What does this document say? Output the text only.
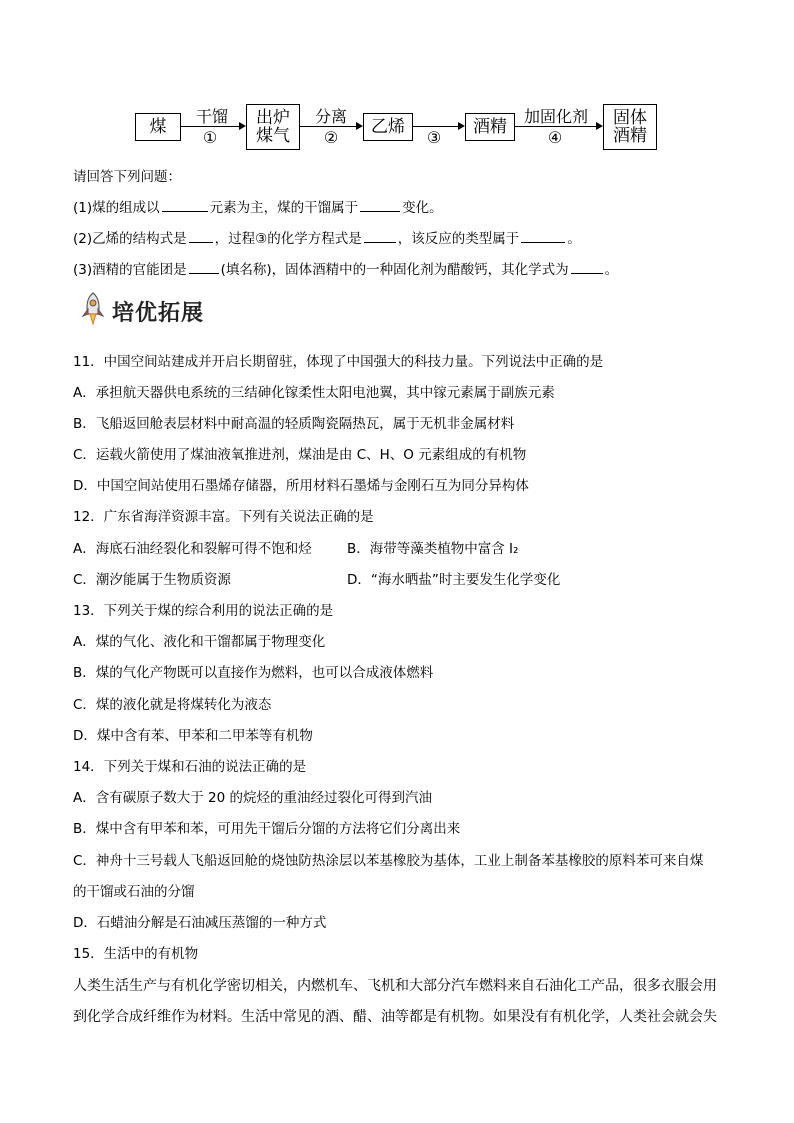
煤	出炉
煤气	乙烯	酒精	固体
酒精
干馏
①
分离
②	③
加固化剂
④
请回答下列问题：
(1)煤的组成以	元素为主，煤的干馏属于	变化。
(2)乙烯的结构式是 ，过程③的化学方程式是	，该反应的类型属于	。
(3)酒精的官能团是	(填名称)，固体酒精中的一种固化剂为醋酸钙，其化学式为	。
培优拓展
11．中国空间站建成并开启长期留驻，体现了中国强大的科技力量。下列说法中正确的是
A．承担航天器供电系统的三结砷化镓柔性太阳电池翼，其中镓元素属于副族元素
B．飞船返回舱表层材料中耐高温的轻质陶瓷隔热瓦，属于无机非金属材料
C．运载火箭使用了煤油液氧推进剂，煤油是由 C、H、O 元素组成的有机物
D．中国空间站使用石墨烯存储器，所用材料石墨烯与金刚石互为同分异构体
12．广东省海洋资源丰富。下列有关说法正确的是
A．海底石油经裂化和裂解可得不饱和烃	B．海带等藻类植物中富含 I₂
C．潮汐能属于生物质资源	D．“海水晒盐”时主要发生化学变化
13．下列关于煤的综合利用的说法正确的是
A．煤的气化、液化和干馏都属于物理变化
B．煤的气化产物既可以直接作为燃料，也可以合成液体燃料
C．煤的液化就是将煤转化为液态
D．煤中含有苯、甲苯和二甲苯等有机物
14．下列关于煤和石油的说法正确的是
A．含有碳原子数大于 20 的烷烃的重油经过裂化可得到汽油
B．煤中含有甲苯和苯，可用先干馏后分馏的方法将它们分离出来
C．神舟十三号载人飞船返回舱的烧蚀防热涂层以苯基橡胶为基体，工业上制备苯基橡胶的原料苯可来自煤
的干馏或石油的分馏
D．石蜡油分解是石油减压蒸馏的一种方式
15．生活中的有机物
人类生活生产与有机化学密切相关，内燃机车、飞机和大部分汽车燃料来自石油化工产品，很多衣服会用
到化学合成纤维作为材料。生活中常见的酒、醋、油等都是有机物。如果没有有机化学，人类社会就会失
